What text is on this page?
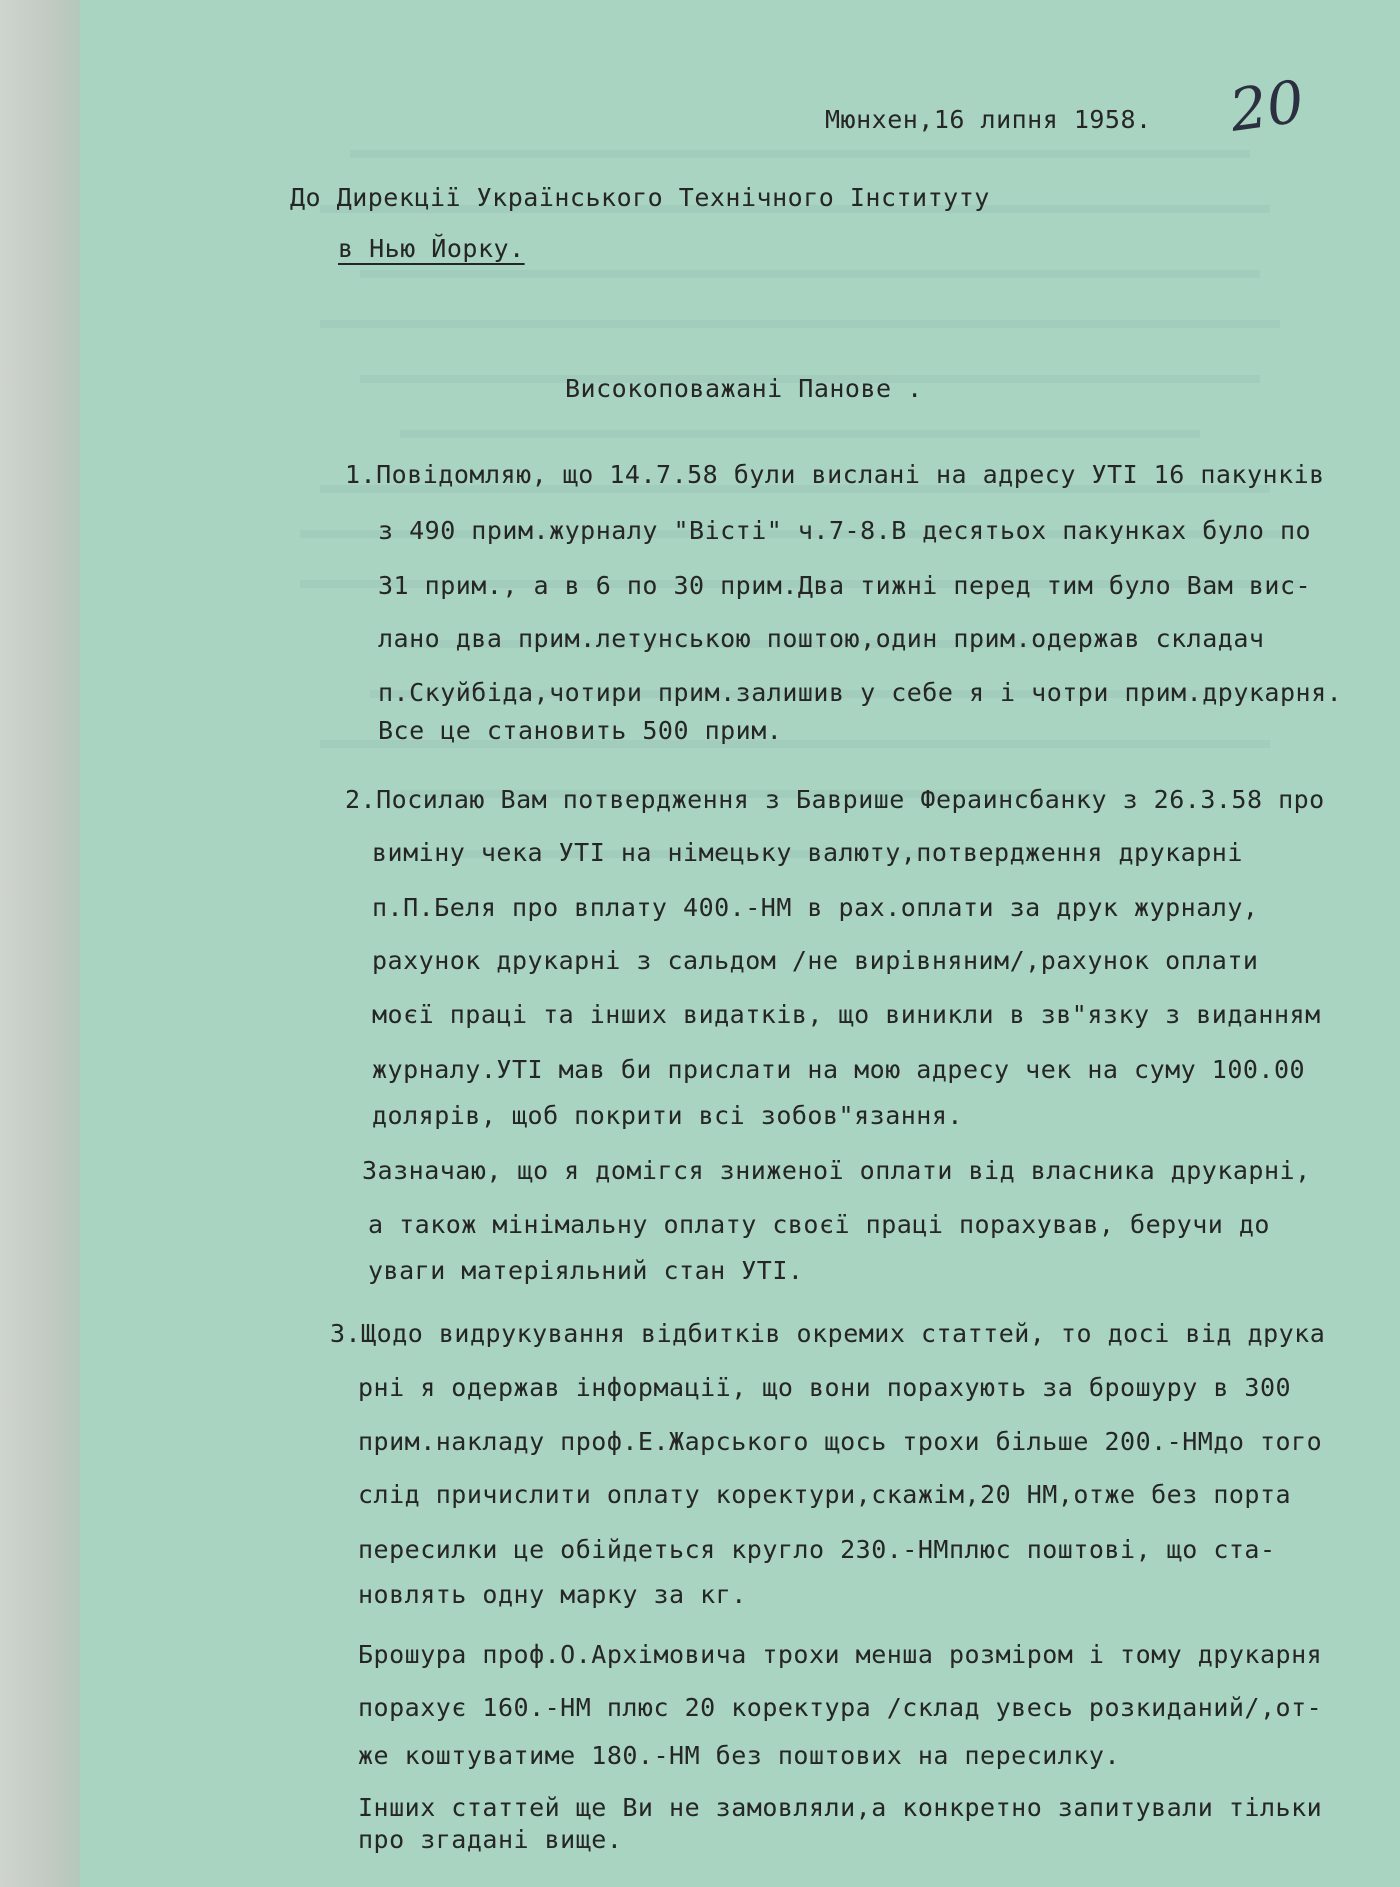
20
Мюнхен,16 липня 1958.
До Дирекції Українського Технічного Інституту
в Нью Йорку.
Високоповажані Панове .
1.Повідомляю, що 14.7.58 були вислані на адресу УТІ 16 пакунків
з 490 прим.журналу "Вісті" ч.7-8.В десятьох пакунках було по
31 прим., а в 6 по 30 прим.Два тижні перед тим було Вам вис-
лано два прим.летунською поштою,один прим.одержав складач
п.Скуйбіда,чотири прим.залишив у себе я і чотри прим.друкарня.
Все це становить 500 прим.
2.Посилаю Вам потвердження з Баврише Фераинсбанку з 26.3.58 про
виміну чека УТІ на німецьку валюту,потвердження друкарні
п.П.Беля про вплату 400.-НМ в рах.оплати за друк журналу,
рахунок друкарні з сальдом /не вирівняним/,рахунок оплати
моєї праці та інших видатків, що виникли в зв"язку з виданням
журналу.УТІ мав би прислати на мою адресу чек на суму 100.00
долярів, щоб покрити всі зобов"язання.
Зазначаю, що я домігся зниженої оплати від власника друкарні,
а також мінімальну оплату своєї праці порахував, беручи до
уваги матеріяльний стан УТІ.
3.Щодо видрукування відбитків окремих статтей, то досі від друка
рні я одержав інформації, що вони порахують за брошуру в 300
прим.накладу проф.Е.Жарського щось трохи більше 200.-НМдо того
слід причислити оплату коректури,скажім,20 НМ,отже без порта
пересилки це обійдеться кругло 230.-НМплюс поштові, що ста-
новлять одну марку за кг.
Брошура проф.О.Архімовича трохи менша розміром і тому друкарня
порахує 160.-НМ плюс 20 коректура /склад увесь розкиданий/,от-
же коштуватиме 180.-НМ без поштових на пересилку.
Інших статтей ще Ви не замовляли,а конкретно запитували тільки
про згадані вище.
